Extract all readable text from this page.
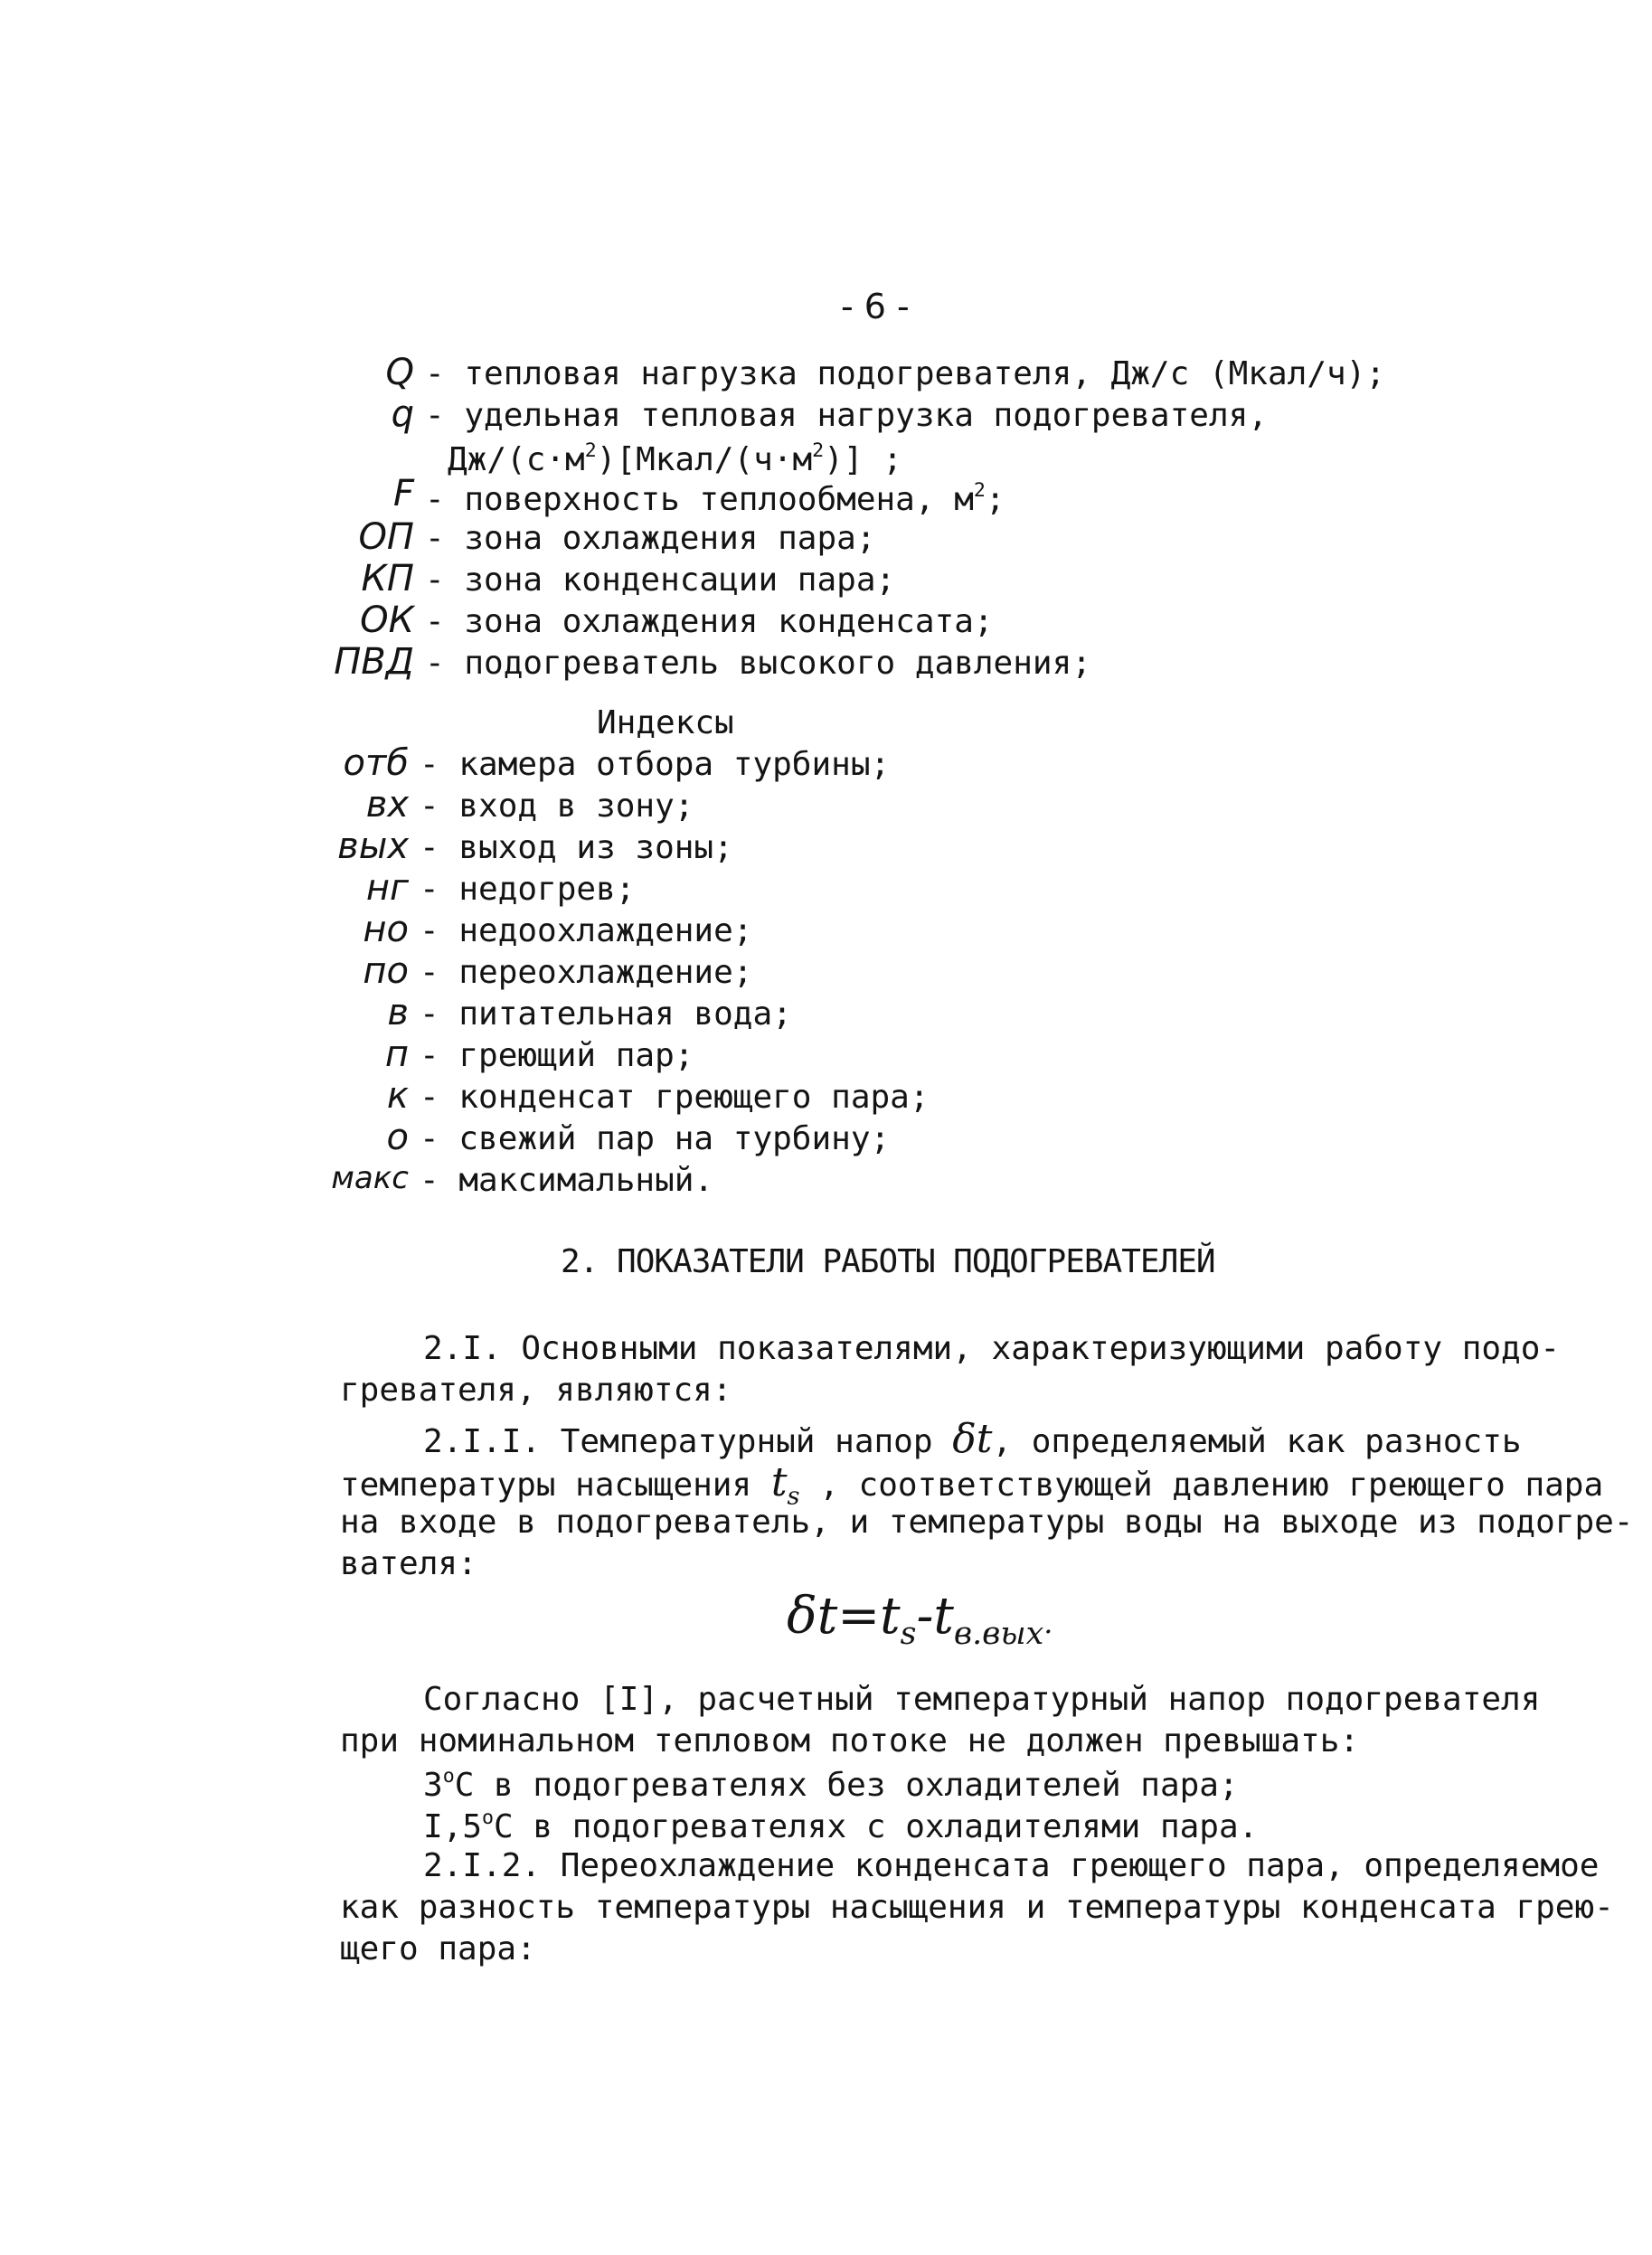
- 6 -
Q - тепловая нагрузка подогревателя, Дж/с (Мкал/ч);
q - удельная тепловая нагрузка подогревателя,
$Дж/(с\cdot м^2)[Мкал/(ч\cdot м^2)]$ ;
F - поверхность теплообмена, $м^2$;
ОП - зона охлаждения пара;
КП - зона конденсации пара;
ОК - зона охлаждения конденсата;
ПВД - подогреватель высокого давления;
Индексы
отб - камера отбора турбины;
вх - вход в зону;
вых - выход из зоны;
нг - недогрев;
но - недоохлаждение;
по - переохлаждение;
в - питательная вода;
п - греющий пар;
к - конденсат греющего пара;
о - свежий пар на турбину;
макс - максимальный.
2. ПОКАЗАТЕЛИ РАБОТЫ ПОДОГРЕВАТЕЛЕЙ
2.I. Основными показателями, характеризующими работу подо-
гревателя, являются:
2.I.I. Температурный напор δt, определяемый как разность
температуры насыщения $t_s$ , соответствующей давлению греющего пара
на входе в подогреватель, и температуры воды на выходе из подогре-
вателя:
$\delta t=t_s-t_{в.вых}$.
Согласно [I], расчетный температурный напор подогревателя
при номинальном тепловом потоке не должен превышать:
$3^оС$ в подогревателях без охладителей пара;
$I,5^оС$ в подогревателях с охладителями пара.
2.I.2. Переохлаждение конденсата греющего пара, определяемое
как разность температуры насыщения и температуры конденсата грею-
щего пара:
